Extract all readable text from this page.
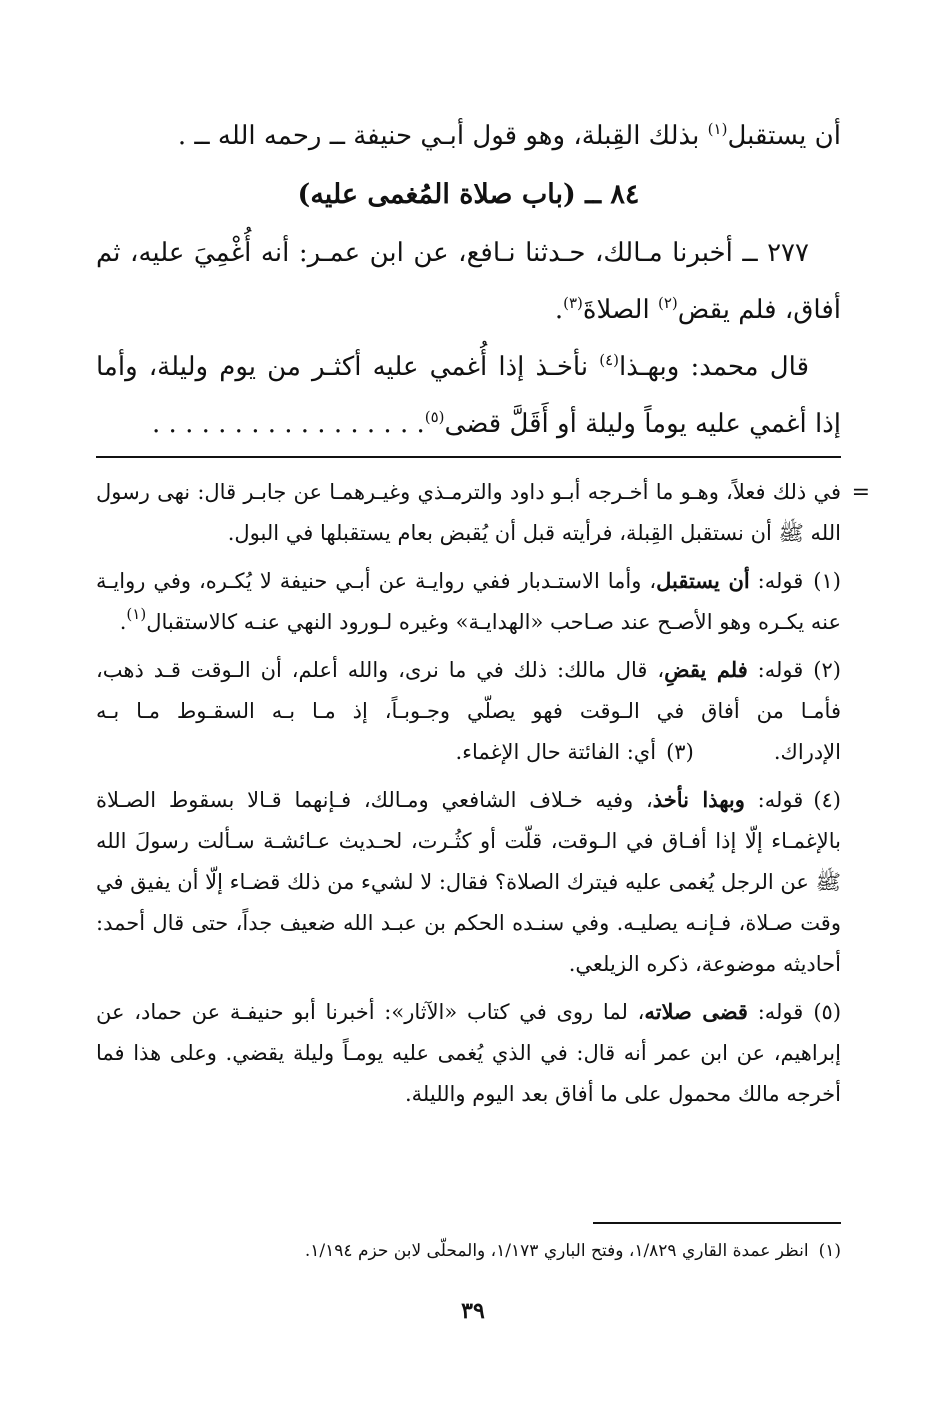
أن يستقبل$^{(١)}$ بذلك القِبلة، وهو قول أبـي حنيفة ــ رحمه الله ــ .

٨٤ ــ (باب صلاة المُغمى عليه)

٢٧٧ ــ أخبرنا مـالك، حـدثنا نـافع، عن ابن عمـر: أنه أُغْمِيَ عليه، ثم أفاق، فلم يقض$^{(٢)}$ الصلاةَ$^{(٣)}$.

قال محمد: وبهـذا$^{(٤)}$ نأخـذ إذا أُغمي عليه أكثـر من يوم وليلة، وأما إذا أغمي عليه يوماً وليلة أو أَقَلَّ قضى$^{(٥)}$. . . . . . . . . . . . . . . . .

=

في ذلك فعلاً، وهـو ما أخـرجه أبـو داود والترمـذي وغيـرهمـا عن جابـر قال: نهى رسول الله ﷺ أن نستقبل القِبلة، فرأيته قبل أن يُقبض بعام يستقبلها في البول.

(١)قوله: أن يستقبل، وأما الاستـدبار ففي روايـة عن أبـي حنيفة لا يُكـره، وفي روايـة عنه يكـره وهو الأصـح عند صـاحب «الهدايـة» وغيره لـورود النهي عنـه كالاستقبال$^{(١)}$.

(٢)قوله: فلم يقضِ، قال مالك: ذلك في ما نرى، والله أعلم، أن الـوقت قـد ذهب، فأمـا من أفاق في الـوقت فهو يصلّي وجـوبـاً، إذ مـا بـه السقـوط مـا بـه الإدراك.            (٣)أي: الفائتة حال الإغماء.

(٤)قوله: وبهذا نأخذ، وفيه خـلاف الشافعي ومـالك، فـإنهما قـالا بسقوط الصـلاة بالإغمـاء إلّا إذا أفـاق في الـوقت، قلّت أو كثُـرت، لحـديث عـائشـة سـألت رسولَ الله ﷺ عن الرجل يُغمى عليه فيترك الصلاة؟ فقال: لا لشيء من ذلك قضـاء إلّا أن يفيق في وقت صـلاة، فـإنـه يصليـه. وفي سنـده الحكم بن عبـد الله ضعيف جداً، حتى قال أحمد: أحاديثه موضوعة، ذكره الزيلعي.

(٥)قوله: قضى صلاته، لما روى في كتاب «الآثار»: أخبرنا أبو حنيفـة عن حماد، عن إبراهيم، عن ابن عمر أنه قال: في الذي يُغمى عليه يومـاً وليلة يقضي. وعلى هذا فما أخرجه مالك محمول على ما أفاق بعد اليوم والليلة.

(١)انظر عمدة القاري ١/٨٢٩، وفتح الباري ١/١٧٣، والمحلّى لابن حزم ١/١٩٤.
٣٩
